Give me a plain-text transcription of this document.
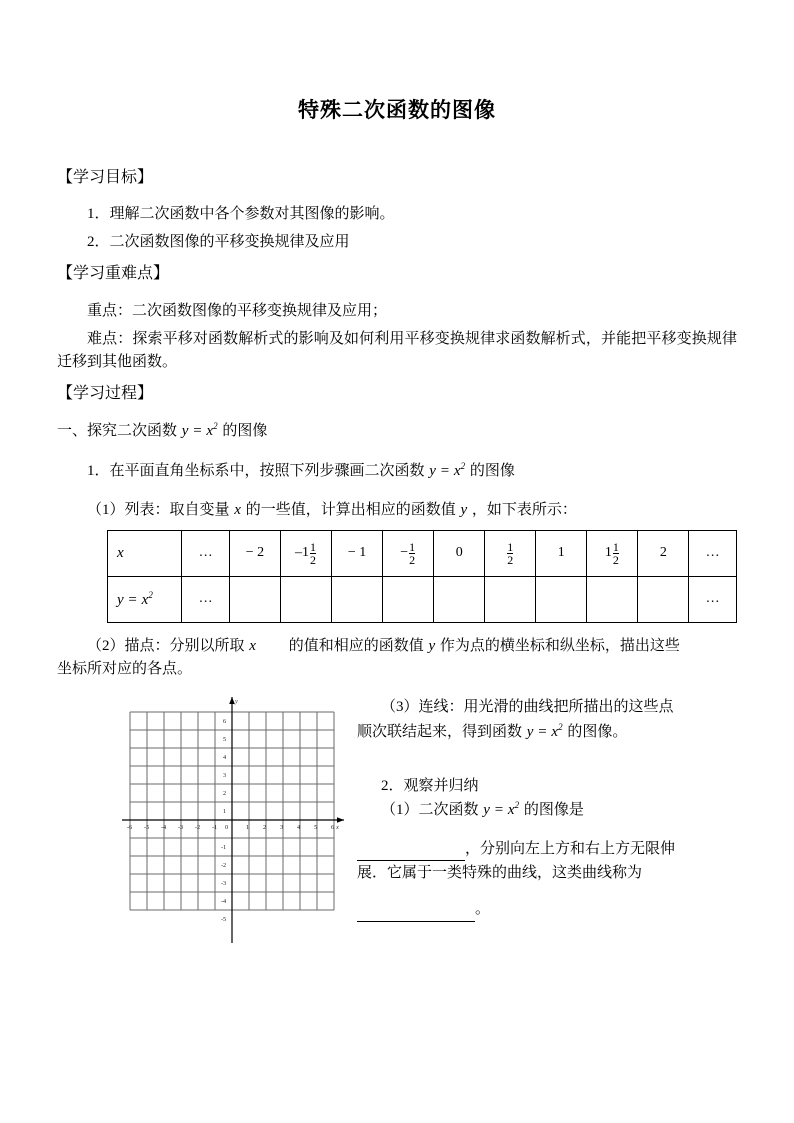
特殊二次函数的图像
【学习目标】
1．理解二次函数中各个参数对其图像的影响。
2．二次函数图像的平移变换规律及应用
【学习重难点】
重点：二次函数图像的平移变换规律及应用；
难点：探索平移对函数解析式的影响及如何利用平移变换规律求函数解析式，并能把平移变换规律迁移到其他函数。
【学习过程】
一、探究二次函数 $y = x^2$ 的图像
1．在平面直角坐标系中，按照下列步骤画二次函数 $y = x^2$ 的图像
（1）列表：取自变量 x 的一些值，计算出相应的函数值 y ，如下表所示：
x	…	− 2	$-1 \frac{1}{2}$	− 1	− $\frac{1}{2}$	0	$\frac{1}{2}$	1	$1 \frac{1}{2}$	2	…
$y = x^2$	…										…
（2）描点：分别以所取 x 的值和相应的函数值 y 作为点的横坐标和纵坐标，描出这些
坐标所对应的各点。
-6 -5 -4 -3 -2 -1 0	1 2 3 4 5 6
6
5
4
3
2
1
-1
-2
-3
-4
-5
x
y	（3）连线：用光滑的曲线把所描出的这些点
顺次联结起来，得到函数 $y = x^2$ 的图像。
2．观察并归纳
（1）二次函数 $y = x^2$ 的图像是
，分别向左上方和右上方无限伸
展．它属于一类特殊的曲线，这类曲线称为
。
